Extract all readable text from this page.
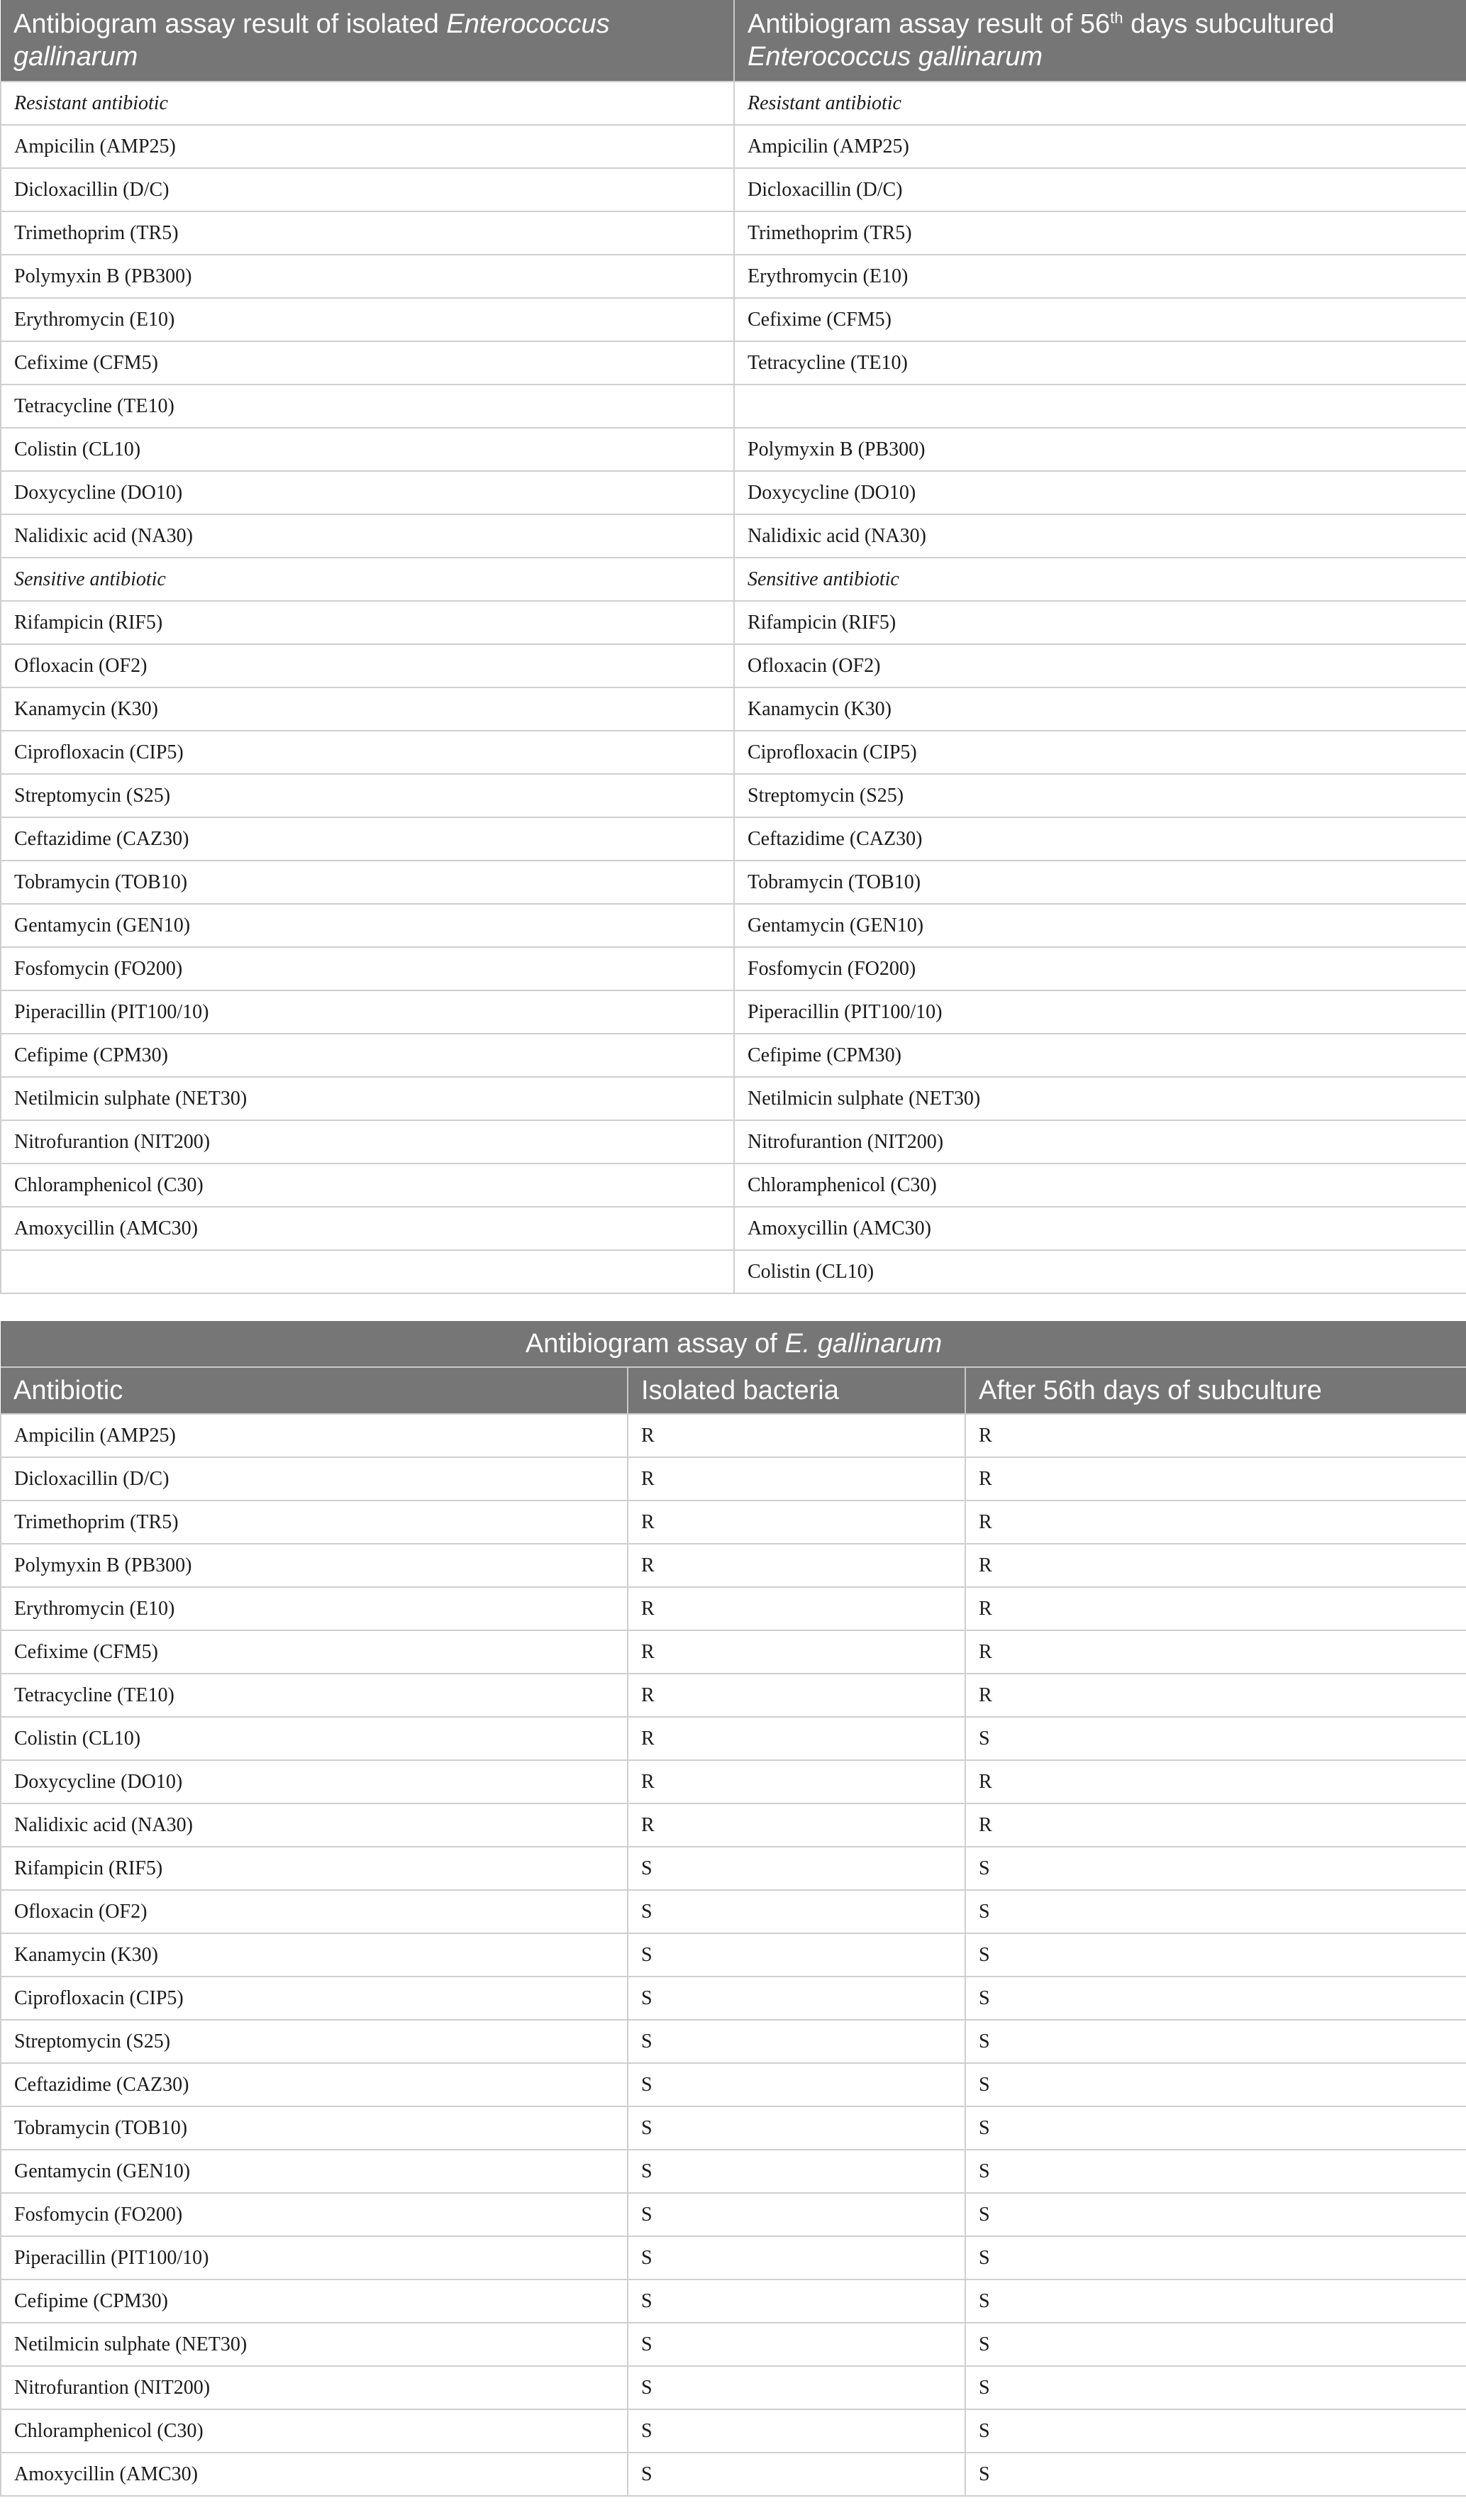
Antibiogram assay result of isolated Enterococcus gallinarum	Antibiogram assay result of 56th days subcultured Enterococcus gallinarum
Resistant antibiotic	Resistant antibiotic
Ampicilin (AMP25)	Ampicilin (AMP25)
Dicloxacillin (D/C)	Dicloxacillin (D/C)
Trimethoprim (TR5)	Trimethoprim (TR5)
Polymyxin B (PB300)	Erythromycin (E10)
Erythromycin (E10)	Cefixime (CFM5)
Cefixime (CFM5)	Tetracycline (TE10)
Tetracycline (TE10)	
Colistin (CL10)	Polymyxin B (PB300)
Doxycycline (DO10)	Doxycycline (DO10)
Nalidixic acid (NA30)	Nalidixic acid (NA30)
Sensitive antibiotic	Sensitive antibiotic
Rifampicin (RIF5)	Rifampicin (RIF5)
Ofloxacin (OF2)	Ofloxacin (OF2)
Kanamycin (K30)	Kanamycin (K30)
Ciprofloxacin (CIP5)	Ciprofloxacin (CIP5)
Streptomycin (S25)	Streptomycin (S25)
Ceftazidime (CAZ30)	Ceftazidime (CAZ30)
Tobramycin (TOB10)	Tobramycin (TOB10)
Gentamycin (GEN10)	Gentamycin (GEN10)
Fosfomycin (FO200)	Fosfomycin (FO200)
Piperacillin (PIT100/10)	Piperacillin (PIT100/10)
Cefipime (CPM30)	Cefipime (CPM30)
Netilmicin sulphate (NET30)	Netilmicin sulphate (NET30)
Nitrofurantion (NIT200)	Nitrofurantion (NIT200)
Chloramphenicol (C30)	Chloramphenicol (C30)
Amoxycillin (AMC30)	Amoxycillin (AMC30)
	Colistin (CL10)
Antibiogram assay of E. gallinarum		
Antibiotic	Isolated bacteria	After 56th days of subculture
Ampicilin (AMP25)	R	R
Dicloxacillin (D/C)	R	R
Trimethoprim (TR5)	R	R
Polymyxin B (PB300)	R	R
Erythromycin (E10)	R	R
Cefixime (CFM5)	R	R
Tetracycline (TE10)	R	R
Colistin (CL10)	R	S
Doxycycline (DO10)	R	R
Nalidixic acid (NA30)	R	R
Rifampicin (RIF5)	S	S
Ofloxacin (OF2)	S	S
Kanamycin (K30)	S	S
Ciprofloxacin (CIP5)	S	S
Streptomycin (S25)	S	S
Ceftazidime (CAZ30)	S	S
Tobramycin (TOB10)	S	S
Gentamycin (GEN10)	S	S
Fosfomycin (FO200)	S	S
Piperacillin (PIT100/10)	S	S
Cefipime (CPM30)	S	S
Netilmicin sulphate (NET30)	S	S
Nitrofurantion (NIT200)	S	S
Chloramphenicol (C30)	S	S
Amoxycillin (AMC30)	S	S
